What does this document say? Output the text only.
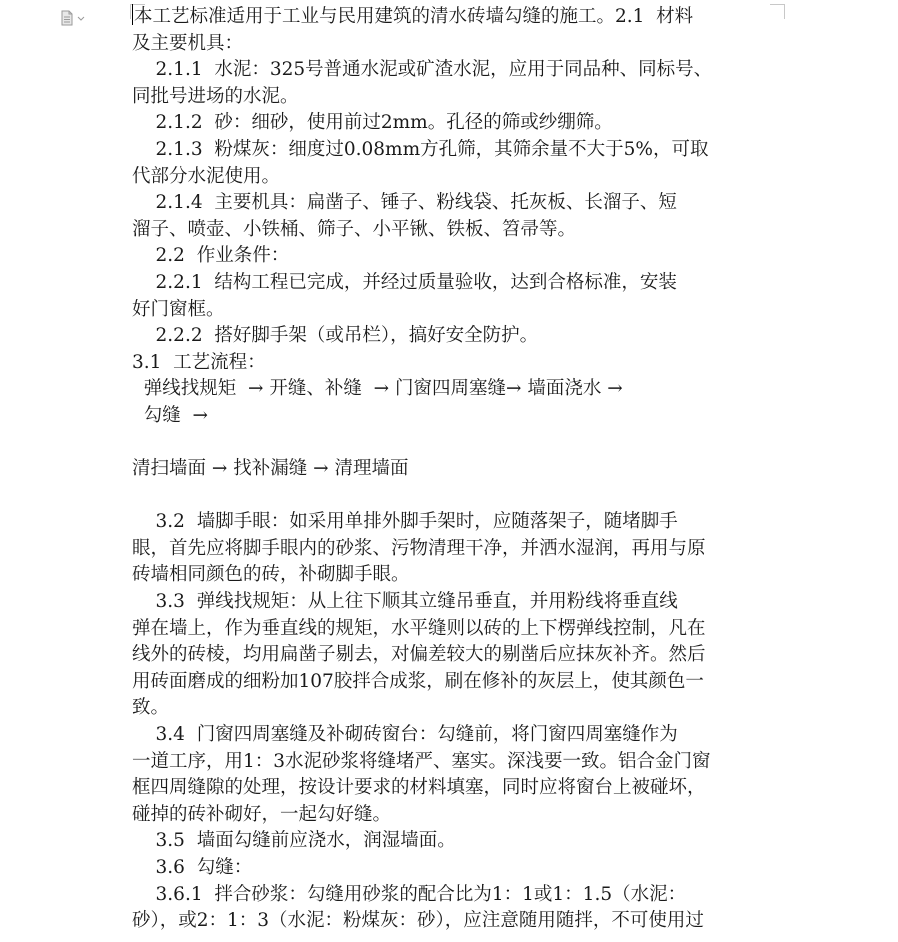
本工艺标准适用于工业与民用建筑的清水砖墙勾缝的施工。2.1  材料
及主要机具：
2.1.1  水泥：325号普通水泥或矿渣水泥，应用于同品种、同标号、
同批号进场的水泥。
2.1.2  砂：细砂，使用前过2mm。孔径的筛或纱绷筛。
2.1.3  粉煤灰：细度过0.08mm方孔筛，其筛余量不大于5%，可取
代部分水泥使用。
2.1.4  主要机具：扁凿子、锤子、粉线袋、托灰板、长溜子、短
溜子、喷壶、小铁桶、筛子、小平锹、铁板、笤帚等。
2.2  作业条件：
2.2.1  结构工程已完成，并经过质量验收，达到合格标准，安装
好门窗框。
2.2.2  搭好脚手架（或吊栏），搞好安全防护。
3.1  工艺流程：
弹线找规矩  → 开缝、补缝  → 门窗四周塞缝→ 墙面浇水 →
勾缝  →
清扫墙面 → 找补漏缝 → 清理墙面
3.2  墙脚手眼：如采用单排外脚手架时，应随落架子，随堵脚手
眼，首先应将脚手眼内的砂浆、污物清理干净，并洒水湿润，再用与原
砖墙相同颜色的砖，补砌脚手眼。
3.3  弹线找规矩：从上往下顺其立缝吊垂直，并用粉线将垂直线
弹在墙上，作为垂直线的规矩，水平缝则以砖的上下楞弹线控制，凡在
线外的砖棱，均用扁凿子剔去，对偏差较大的剔凿后应抹灰补齐。然后
用砖面磨成的细粉加107胶拌合成浆，刷在修补的灰层上，使其颜色一
致。
3.4  门窗四周塞缝及补砌砖窗台：勾缝前，将门窗四周塞缝作为
一道工序，用1：3水泥砂浆将缝堵严、塞实。深浅要一致。铝合金门窗
框四周缝隙的处理，按设计要求的材料填塞，同时应将窗台上被碰坏，
碰掉的砖补砌好，一起勾好缝。
3.5  墙面勾缝前应浇水，润湿墙面。
3.6  勾缝：
3.6.1  拌合砂浆：勾缝用砂浆的配合比为1：1或1：1.5（水泥：
砂），或2：1：3（水泥：粉煤灰：砂），应注意随用随拌，不可使用过
